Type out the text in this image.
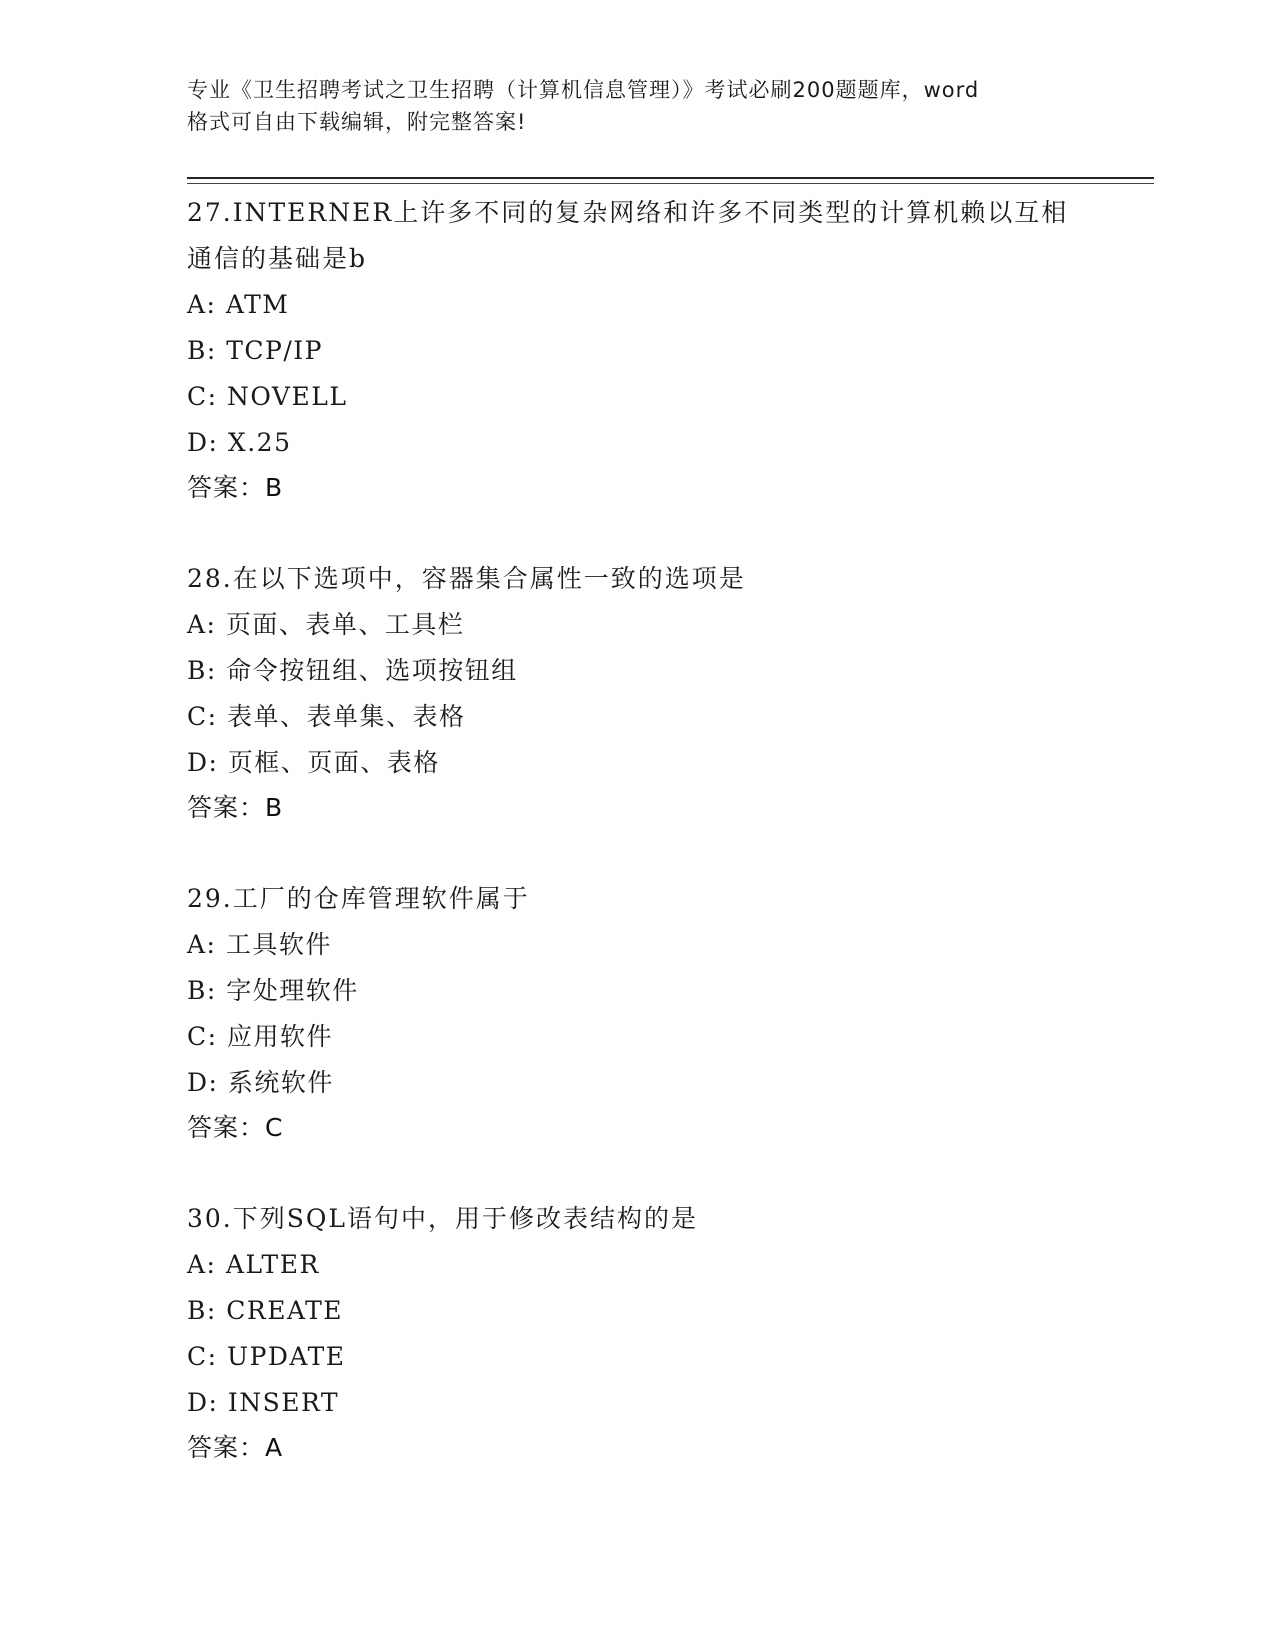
专业《卫生招聘考试之卫生招聘（计算机信息管理）》考试必刷200题题库，word
格式可自由下载编辑，附完整答案!

27.INTERNER上许多不同的复杂网络和许多不同类型的计算机赖以互相

通信的基础是b

A: ATM

B: TCP/IP

C: NOVELL

D: X.25

答案：B

28.在以下选项中，容器集合属性一致的选项是

A: 页面、表单、工具栏

B: 命令按钮组、选项按钮组

C: 表单、表单集、表格

D: 页框、页面、表格

答案：B

29.工厂的仓库管理软件属于

A: 工具软件

B: 字处理软件

C: 应用软件

D: 系统软件

答案：C

30.下列SQL语句中，用于修改表结构的是

A: ALTER

B: CREATE

C: UPDATE

D: INSERT

答案：A
